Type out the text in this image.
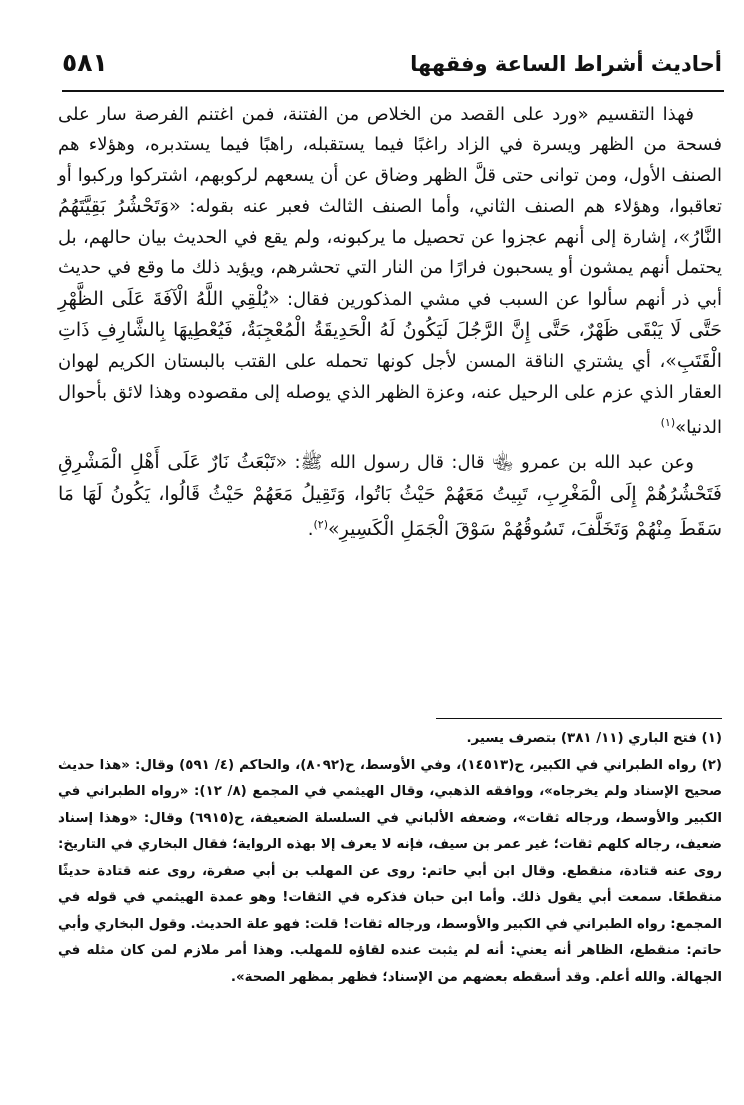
٥٨١	أحاديث أشراط الساعة وفقهها

فهذا التقسيم «ورد على القصد من الخلاص من الفتنة، فمن اغتنم الفرصة سار على فسحة من الظهر ويسرة في الزاد راغبًا فيما يستقبله، راهبًا فيما يستدبره، وهؤلاء هم الصنف الأول، ومن توانى حتى قلَّ الظهر وضاق عن أن يسعهم لركوبهم، اشتركوا وركبوا أو تعاقبوا، وهؤلاء هم الصنف الثاني، وأما الصنف الثالث فعبر عنه بقوله: «وَتَحْشُرُ بَقِيَّتَهُمُ النَّارُ»، إشارة إلى أنهم عجزوا عن تحصيل ما يركبونه، ولم يقع في الحديث بيان حالهم، بل يحتمل أنهم يمشون أو يسحبون فرارًا من النار التي تحشرهم، ويؤيد ذلك ما وقع في حديث أبي ذر أنهم سألوا عن السبب في مشي المذكورين فقال: «يُلْقِي اللَّهُ الْآفَةَ عَلَى الظَّهْرِ حَتَّى لَا يَبْقَى ظَهْرٌ، حَتَّى إِنَّ الرَّجُلَ لَيَكُونُ لَهُ الْحَدِيقَةُ الْمُعْجِبَةُ، فَيُعْطِيهَا بِالشَّارِفِ ذَاتِ الْقَتَبِ»، أي يشتري الناقة المسن لأجل كونها تحمله على القتب بالبستان الكريم لهوان العقار الذي عزم على الرحيل عنه، وعزة الظهر الذي يوصله إلى مقصوده وهذا لائق بأحوال الدنيا»$^{(١)}$

وعن عبد الله بن عمرو ﵄ قال: قال رسول الله ﷺ: «تَبْعَثُ نَارٌ عَلَى أَهْلِ الْمَشْرِقِ فَتَحْشُرُهُمْ إِلَى الْمَغْرِبِ، تَبِيتُ مَعَهُمْ حَيْثُ بَاتُوا، وَتَقِيلُ مَعَهُمْ حَيْثُ قَالُوا، يَكُونُ لَهَا مَا سَقَطَ مِنْهُمْ وَتَخَلَّفَ، تَسُوقُهُمْ سَوْقَ الْجَمَلِ الْكَسِيرِ»$^{(٢)}$.

(١) فتح الباري (١١/ ٣٨١) بتصرف يسير.

(٢) رواه الطبراني في الكبير، ح(١٤٥١٣)، وفي الأوسط، ح(٨٠٩٢)، والحاكم (٤/ ٥٩١) وقال: «هذا حديث صحيح الإسناد ولم يخرجاه»، ووافقه الذهبي، وقال الهيثمي في المجمع (٨/ ١٢): «رواه الطبراني في الكبير والأوسط، ورجاله ثقات»، وضعفه الألباني في السلسلة الضعيفة، ح(٦٩١٥) وقال: «وهذا إسناد ضعيف، رجاله كلهم ثقات؛ غير عمر بن سيف، فإنه لا يعرف إلا بهذه الرواية؛ فقال البخاري في التاريخ: روى عنه قتادة، منقطع. وقال ابن أبي حاتم: روى عن المهلب بن أبي صفرة، روى عنه قتادة حديثًا منقطعًا. سمعت أبي يقول ذلك. وأما ابن حبان فذكره في الثقات! وهو عمدة الهيثمي في قوله في المجمع: رواه الطبراني في الكبير والأوسط، ورجاله ثقات! قلت: فهو علة الحديث. وقول البخاري وأبي حاتم: منقطع، الظاهر أنه يعني: أنه لم يثبت عنده لقاؤه للمهلب. وهذا أمر ملازم لمن كان مثله في الجهالة. والله أعلم. وقد أسقطه بعضهم من الإسناد؛ فظهر بمظهر الصحة».
